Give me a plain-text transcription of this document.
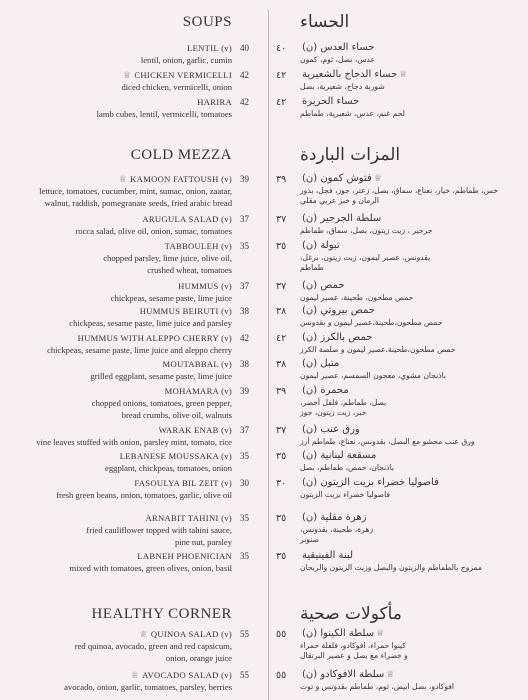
SOUPS
LENTIL (v) 40
lentil, onion, garlic, cumin
♕ CHICKEN VERMICELLI 42
diced chicken, vermicelli, onion
HARIRA 42
lamb cubes, lentil, vermicelli, tomatoes
COLD MEZZA
♕ KAMOON FATTOUSH (v) 39
lettuce, tomatoes, cucumber, mint, sumac, onion, zaatar,
walnut, raddish, pomegranate seeds, fried arabic bread
ARUGULA SALAD (v) 37
rocca salad, olive oil, onion, sumac, tomatoes
TABBOULEH (v) 35
chopped parsley, lime juice, olive oil,
crushed wheat, tomatoes
HUMMUS (v) 37
chickpeas, sesame paste, lime juice
HUMMUS BEIRUTI (v) 38
chickpeas, sesame paste, lime juice and parsley
HUMMUS WITH ALEPPO CHERRY (v) 42
chickpeas, sesame paste, lime juice and aleppo cherry
MOUTABBAL (v) 38
grilled eggplant, sesame paste, lime juice
MOHAMARA (v) 39
chopped onions, tomatoes, green pepper,
bread crumbs, olive oil, walnuts
WARAK ENAB (v) 37
vine leaves stuffed with onion, parsley mint, tomato, rice
LEBANESE MOUSSAKA (v) 35
eggplant, chickpeas, tomatoes, onion
FASOULYA BIL ZEIT (v) 30
fresh green beans, onion, tomatoes, garlic, olive oil
ARNABIT TAHINI (v) 35
fried cauliflower topped with tahini sauce,
pine nut, parsley
LABNEH PHOENICIAN 35
mixed with tomatoes, green olives, onion, basil
HEALTHY CORNER
♕ QUINOA SALAD (v) 55
red quinoa, avocado, green and red capsicum,
onion, orange juice
♕ AVOCADO SALAD (v) 55
avocado, onion, garlic, tomatoes, parsley, berries
الحساء
٤٠	حساء العدس (ن)
عدس، بصل، ثوم، كمون
٤٢	♕حساء الدجاج بالشعيرية
شوربة دجاج، شعيرية، بصل
٤٢	حساء الحريرة
لحم غنم، عدس، شعيرية، طماطم
المزات الباردة
٣٩	♕فتوش كمون (ن)
خس، طماطم، خيار، نعناع، سماق، بصل، زعتر، جوز، فجل، بذور
الرمان و خبز عربي مقلي
٣٧	سلطة الجرجير (ن)
جرجير ، زيت زيتون، بصل، سماق، طماطم
٣٥	تبولة (ن)
بقدونس، عصير ليمون، زيت زيتون، برغل،
طماطم
٣٧	حمص (ن)
حمص مطحون، طحينة، عصير ليمون
٣٨	حمص بيروتي (ن)
حمص مطحون،طحينة،عصير ليمون و بقدونس
٤٢	حمص بالكرز (ن)
حمص مطحون،طحينة،عصير ليمون و صلصة الكرز
٣٨	متبل (ن)
باذنجان مشوي، معجون السمسم، عصير ليمون
٣٩	محمرة (ن)
بصل، طماطم، فلفل أخضر،
خبز، زيت زيتون، جوز
٣٧	ورق عنب (ن)
ورق عنب محشو مع البصل، بقدونس، نعناع، طماطم أرز
٣٥	مسقعة لبنانية (ن)
باذنجان، حمص، طماطم، بصل
٣٠	فاصوليا خضراء بزيت الزيتون (ن)
فاصوليا خضراء بزيت الزيتون
٣٥	زهرة مقلية (ن)
زهرة، طحينة، بقدونس،
صنوبر
٣٥	لبنة الفينيقية
ممزوج بالطماطم والزيتون والبصل وزيت الزيتون والريحان
مأكولات صحية
٥٥	♕سلطة الكينوا (ن)
كينوا حمراء، افوكادو، فلفلة حمراء
و خضراء مع بصل و عصير البرتقال
٥٥	♕سلطة الافوكادو (ن)
افوكادو، بصل ابيض، ثوم، طماطم بقدونس و توت
